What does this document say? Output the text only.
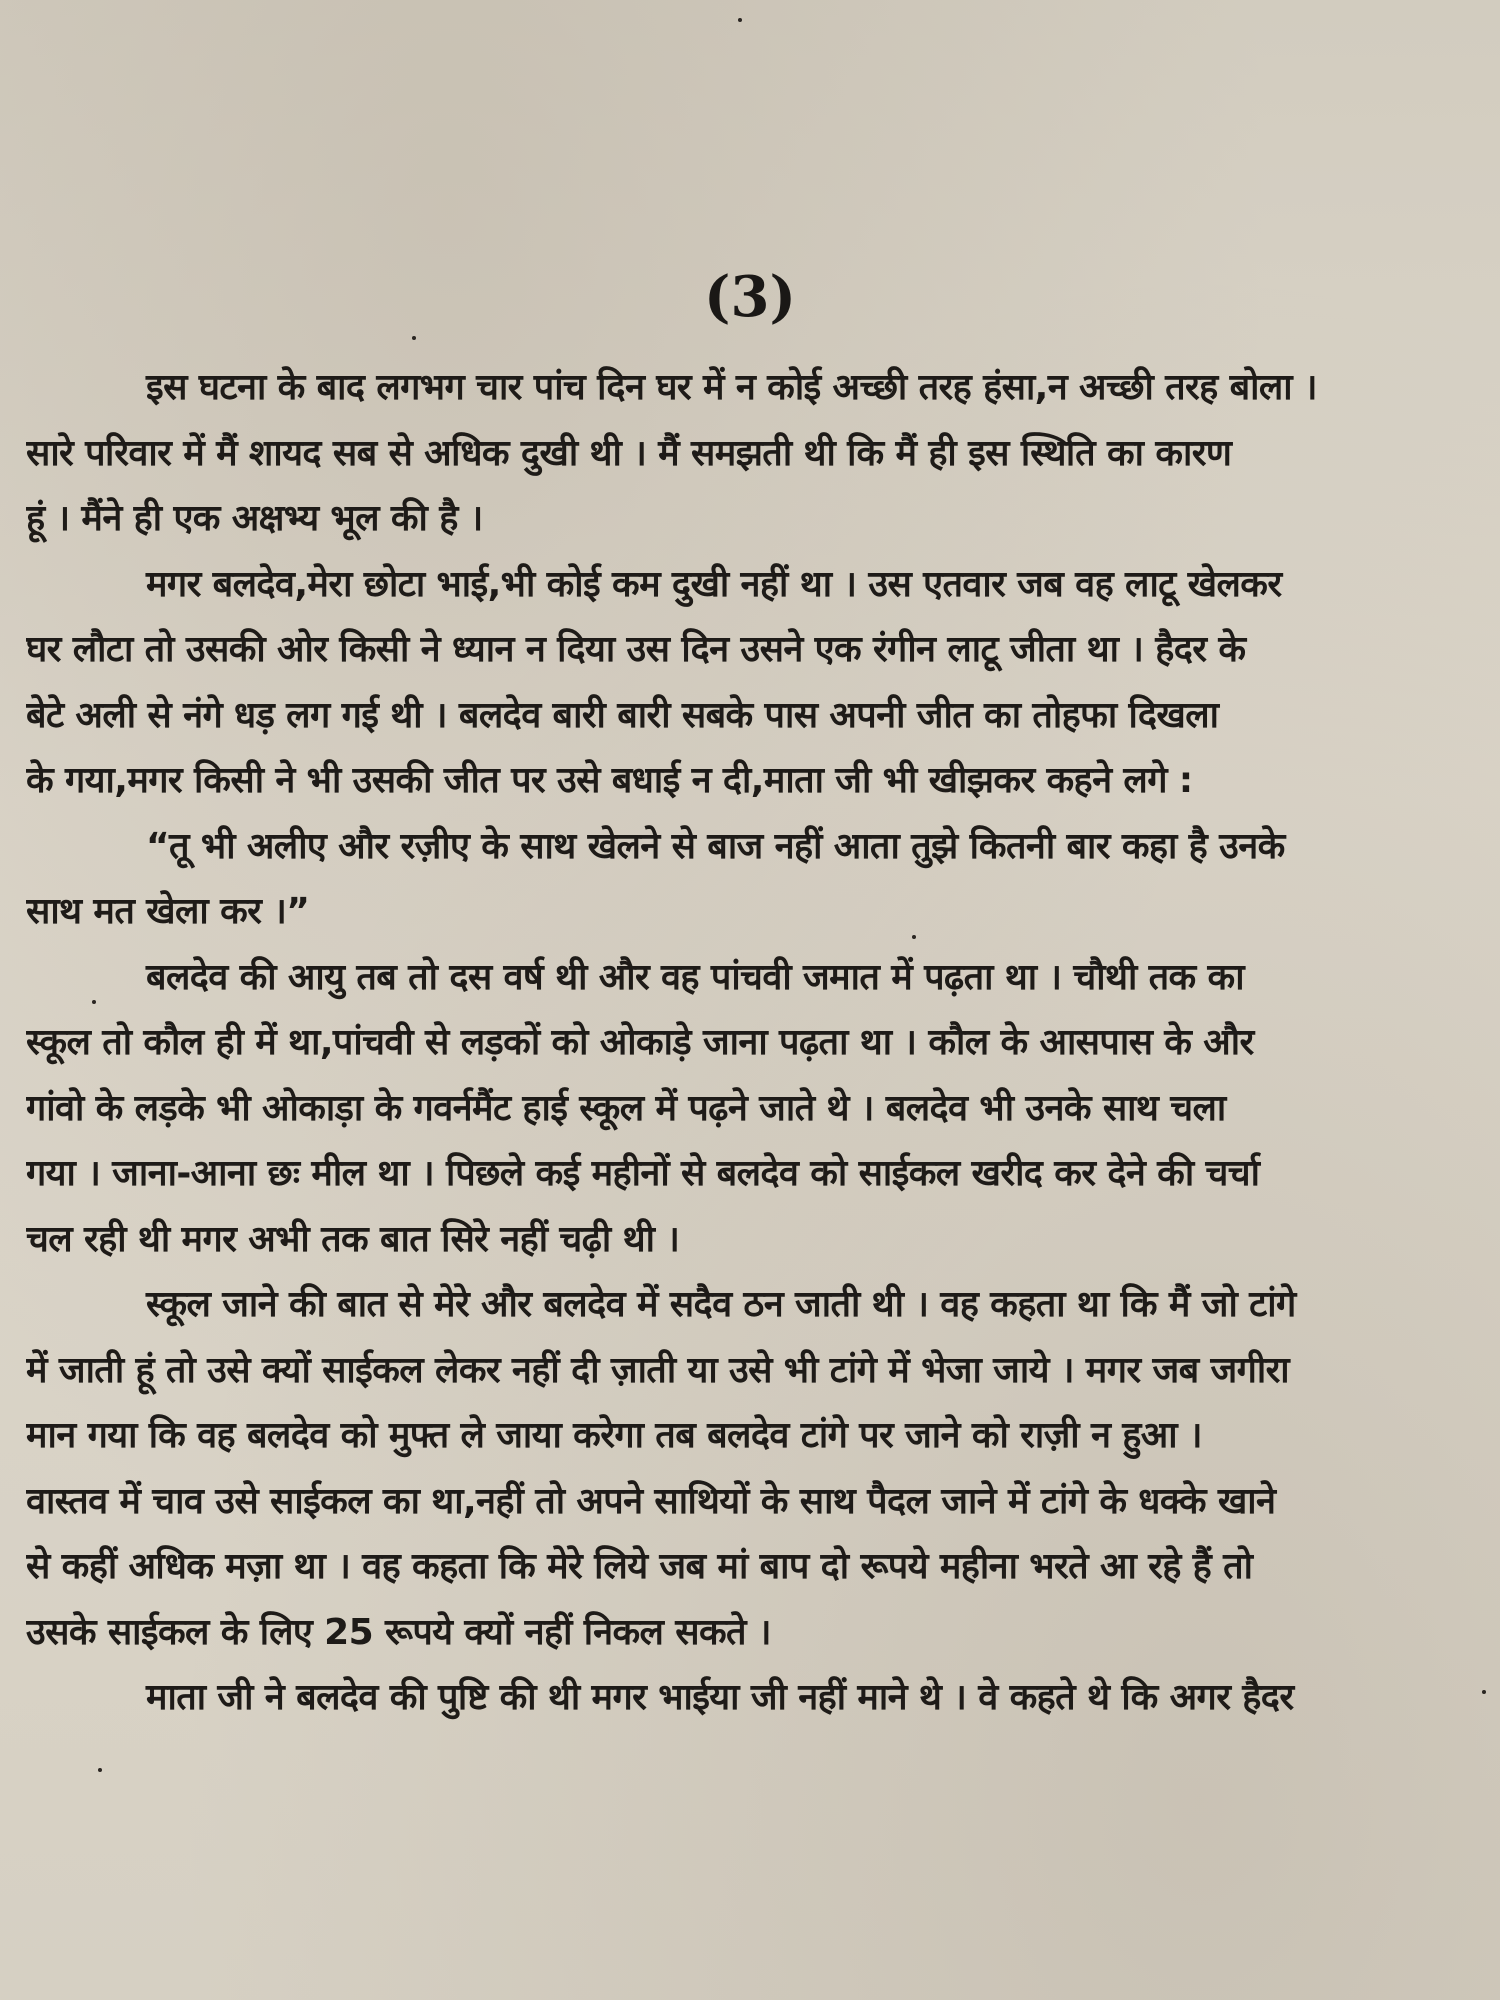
(3)
इस घटना के बाद लगभग चार पांच दिन घर में न कोई अच्छी तरह हंसा,न अच्छी तरह बोला ।
सारे परिवार में मैं शायद सब से अधिक दुखी थी । मैं समझती थी कि मैं ही इस स्थिति का कारण
हूं । मैंने ही एक अक्षभ्य भूल की है ।
मगर बलदेव,मेरा छोटा भाई,भी कोई कम दुखी नहीं था । उस एतवार जब वह लाटू खेलकर
घर लौटा तो उसकी ओर किसी ने ध्यान न दिया उस दिन उसने एक रंगीन लाटू जीता था । हैदर के
बेटे अली से नंगे धड़ लग गई थी । बलदेव बारी बारी सबके पास अपनी जीत का तोहफा दिखला
के गया,मगर किसी ने भी उसकी जीत पर उसे बधाई न दी,माता जी भी खीझकर कहने लगे :
“तू भी अलीए और रज़ीए के साथ खेलने से बाज नहीं आता तुझे कितनी बार कहा है उनके
साथ मत खेला कर ।”
बलदेव की आयु तब तो दस वर्ष थी और वह पांचवी जमात में पढ़ता था । चौथी तक का
स्कूल तो कौल ही में था,पांचवी से लड़कों को ओकाड़े जाना पढ़ता था । कौल के आसपास के और
गांवो के लड़के भी ओकाड़ा के गवर्नमैंट हाई स्कूल में पढ़ने जाते थे । बलदेव भी उनके साथ चला
गया । जाना-आना छः मील था । पिछले कई महीनों से बलदेव को साईकल खरीद कर देने की चर्चा
चल रही थी मगर अभी तक बात सिरे नहीं चढ़ी थी ।
स्कूल जाने की बात से मेरे और बलदेव में सदैव ठन जाती थी । वह कहता था कि मैं जो टांगे
में जाती हूं तो उसे क्यों साईकल लेकर नहीं दी ज़ाती या उसे भी टांगे में भेजा जाये । मगर जब जगीरा
मान गया कि वह बलदेव को मुफ्त ले जाया करेगा तब बलदेव टांगे पर जाने को राज़ी न हुआ ।
वास्तव में चाव उसे साईकल का था,नहीं तो अपने साथियों के साथ पैदल जाने में टांगे के धक्के खाने
से कहीं अधिक मज़ा था । वह कहता कि मेरे लिये जब मां बाप दो रूपये महीना भरते आ रहे हैं तो
उसके साईकल के लिए 25 रूपये क्यों नहीं निकल सकते ।
माता जी ने बलदेव की पुष्टि की थी मगर भाईया जी नहीं माने थे । वे कहते थे कि अगर हैदर
